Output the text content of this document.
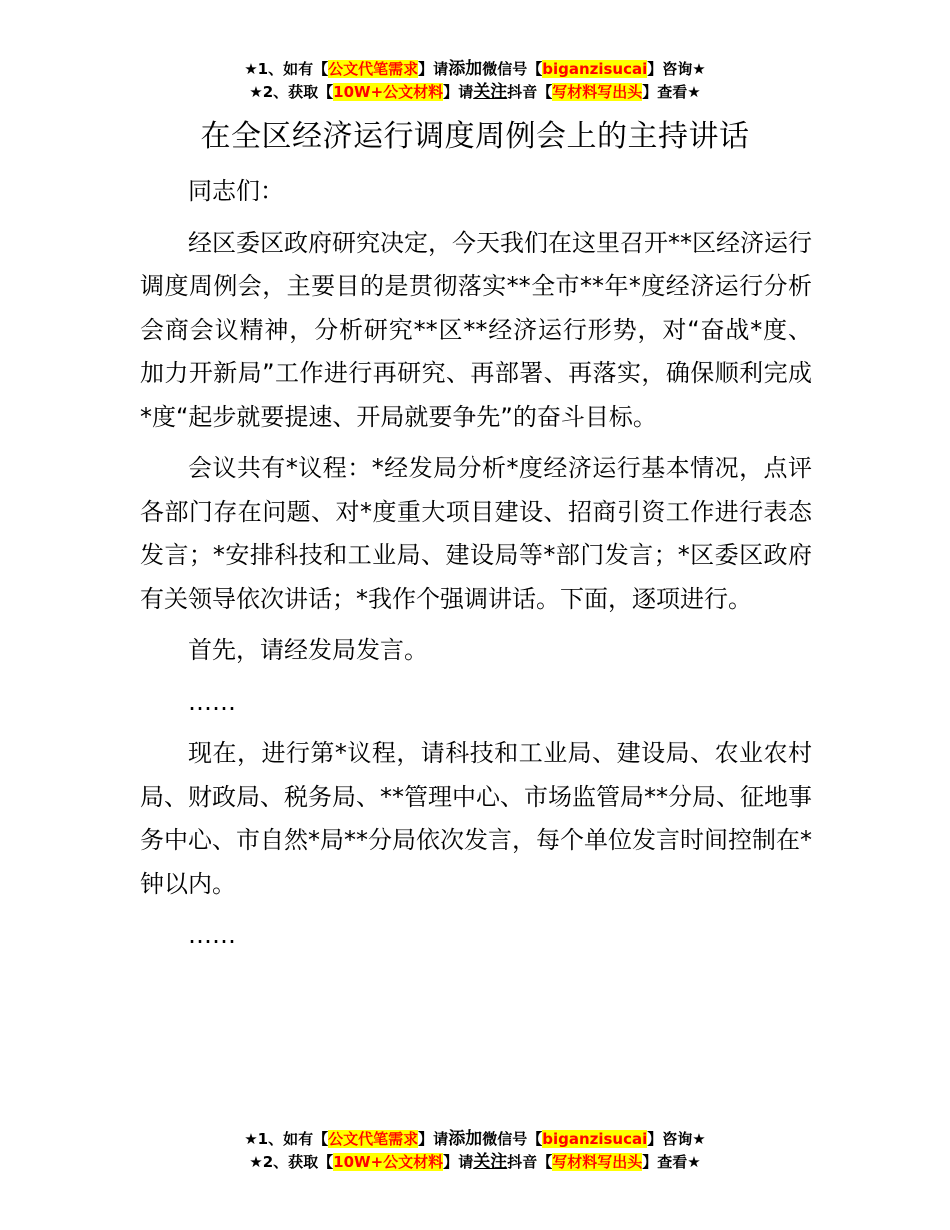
★1、如有【公文代笔需求】请添加微信号【biganzisucai】咨询★
★2、获取【10W+公文材料】请关注抖音【写材料写出头】查看★
在全区经济运行调度周例会上的主持讲话

同志们：

经区委区政府研究决定，今天我们在这里召开**区经济运行调度周例会，主要目的是贯彻落实**全市**年*度经济运行分析会商会议精神，分析研究**区**经济运行形势，对“奋战*度、加力开新局”工作进行再研究、再部署、再落实，确保顺利完成*度“起步就要提速、开局就要争先”的奋斗目标。

会议共有*议程：*经发局分析*度经济运行基本情况，点评各部门存在问题、对*度重大项目建设、招商引资工作进行表态发言；*安排科技和工业局、建设局等*部门发言；*区委区政府有关领导依次讲话；*我作个强调讲话。下面，逐项进行。

首先，请经发局发言。

……

现在，进行第*议程，请科技和工业局、建设局、农业农村局、财政局、税务局、**管理中心、市场监管局**分局、征地事务中心、市自然*局**分局依次发言，每个单位发言时间控制在*钟以内。

……

★1、如有【公文代笔需求】请添加微信号【biganzisucai】咨询★
★2、获取【10W+公文材料】请关注抖音【写材料写出头】查看★
